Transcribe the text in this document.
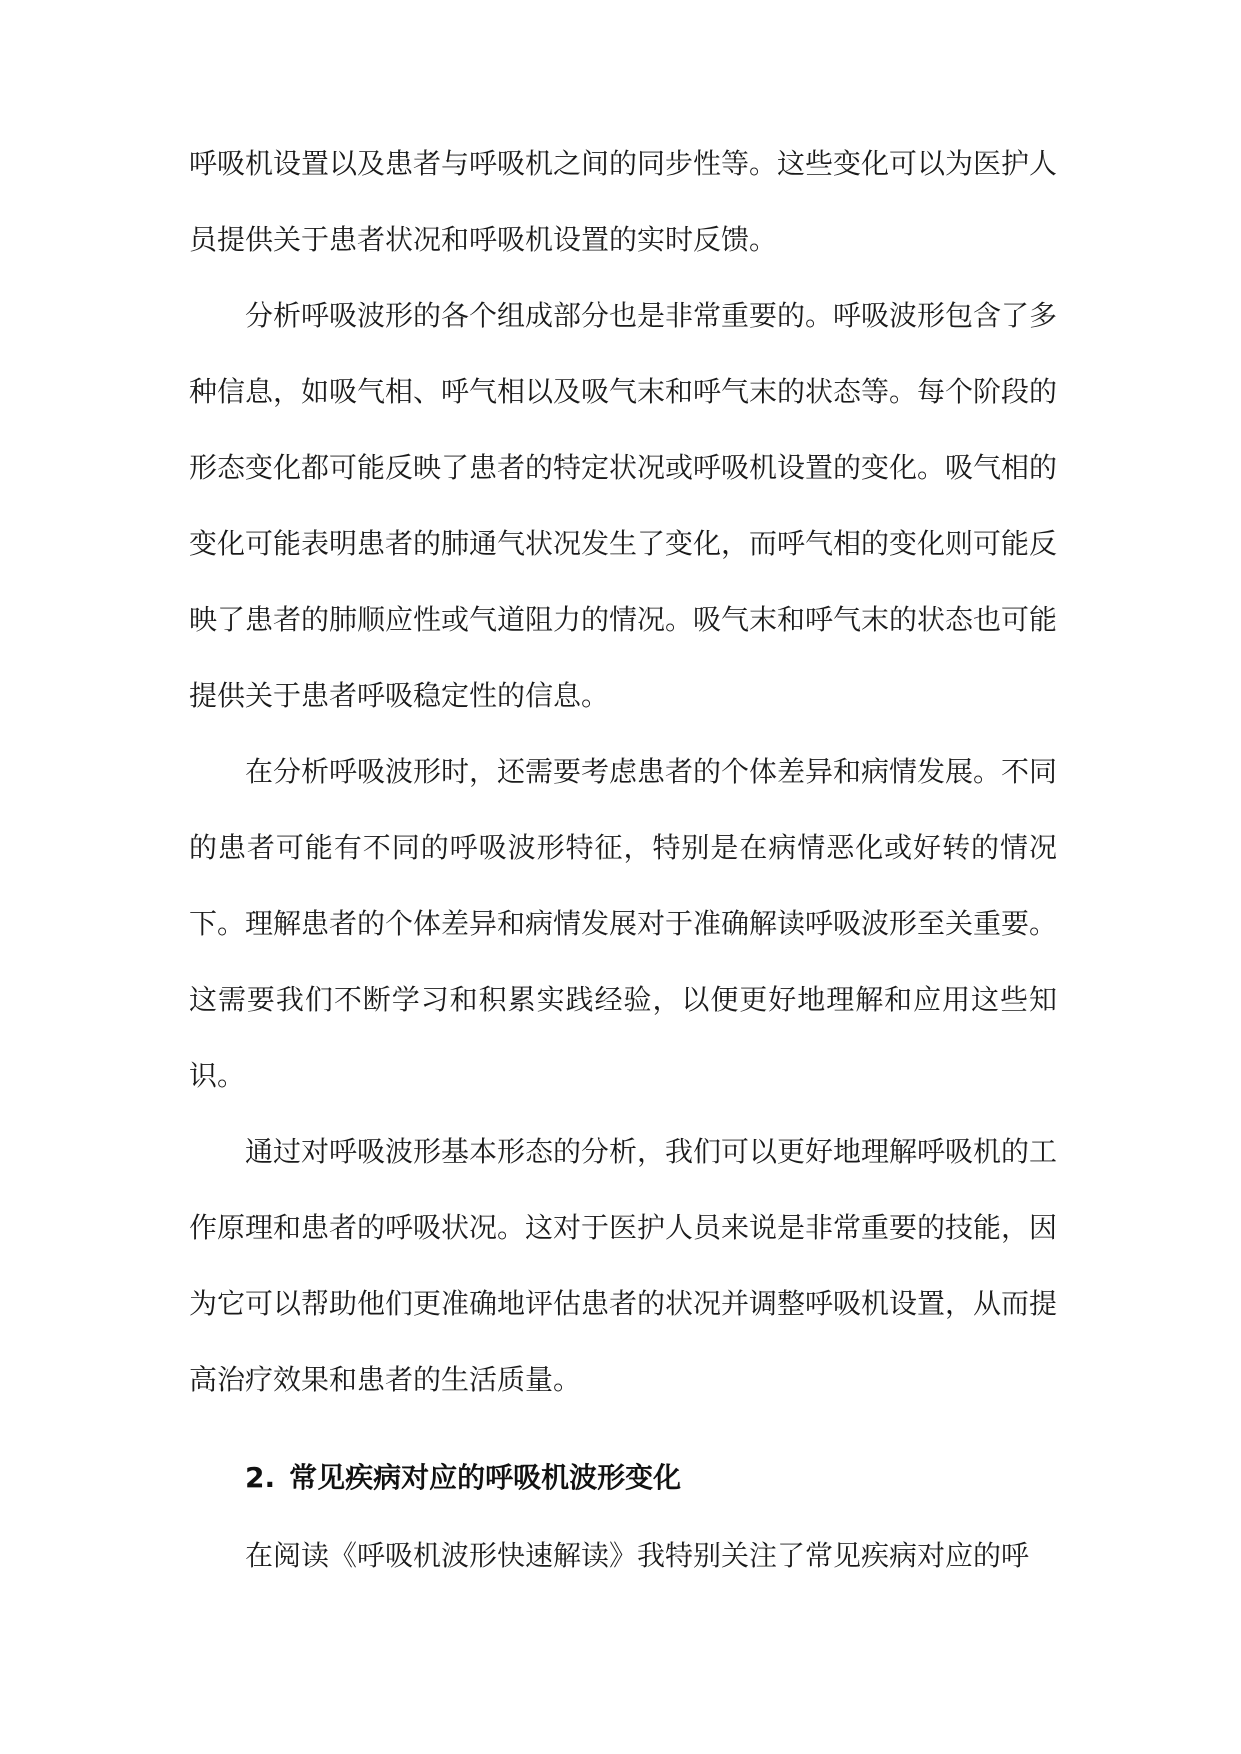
呼吸机设置以及患者与呼吸机之间的同步性等。这些变化可以为医护人员提供关于患者状况和呼吸机设置的实时反馈。

分析呼吸波形的各个组成部分也是非常重要的。呼吸波形包含了多种信息，如吸气相、呼气相以及吸气末和呼气末的状态等。每个阶段的形态变化都可能反映了患者的特定状况或呼吸机设置的变化。吸气相的变化可能表明患者的肺通气状况发生了变化，而呼气相的变化则可能反映了患者的肺顺应性或气道阻力的情况。吸气末和呼气末的状态也可能提供关于患者呼吸稳定性的信息。

在分析呼吸波形时，还需要考虑患者的个体差异和病情发展。不同的患者可能有不同的呼吸波形特征，特别是在病情恶化或好转的情况下。理解患者的个体差异和病情发展对于准确解读呼吸波形至关重要。这需要我们不断学习和积累实践经验，以便更好地理解和应用这些知识。

通过对呼吸波形基本形态的分析，我们可以更好地理解呼吸机的工作原理和患者的呼吸状况。这对于医护人员来说是非常重要的技能，因为它可以帮助他们更准确地评估患者的状况并调整呼吸机设置，从而提高治疗效果和患者的生活质量。

2. 常见疾病对应的呼吸机波形变化

在阅读《呼吸机波形快速解读》我特别关注了常见疾病对应的呼
